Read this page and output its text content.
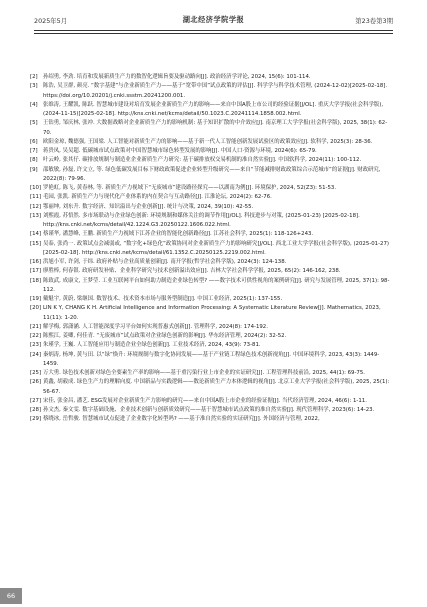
2025年5月	湖北经济学院学报	第23卷第3期
[2] 孙绍勇, 李劲. 培育和发展新质生产力的数智化逻辑旨要及驱动路向[J]. 政治经济学评论, 2024, 15(6): 101-114.
[3] 陈浩, 吴卫群, 颜亮. “数字基建”与企业新质生产力——基于“宽带中国”试点政策的评估[J]. 科学学与科学技术管理, (2024-12-02)[2025-02-18]. https://doi.org/10.20201/j.cnki.ssstm.20241200.001.
[4] 张维涛, 王耀凯, 陈跃. 智慧城市建设对培育发展企业新质生产力的影响——来自中国A股上市公司的经验证据[J/OL]. 重庆大学学报(社会科学版), (2024-11-15)[2025-02-18]. http://kns.cnki.net/kcms/detail/50.1023.C.20241114.1858.002.html.
[5] 王钻勇, 邹庆林, 张冲. 大数据战略对企业新质生产力的影响机制: 基于知识扩散的中介效应[J]. 南京理工大学学报(社会科学版), 2025, 38(1): 62-70.
[6] 欧阳金琼, 魏德强, 王国梁. 人工智能对新质生产力的影响——基于新一代人工智能创新发展试验区的政策效应[J]. 软科学, 2025(3): 28-36.
[7] 蒋贵凤, 吴吴超. 低碳城市试点政策对中国智慧城市绿色转型发展的影响[J]. 中国人口·资源与环境, 2024(6): 65-79.
[8] 叶云岭, 张其仔. 碳排放规制与制造业企业新质生产力研究: 基于碳排放权交易机制的准自然实验[J]. 中国软科学, 2024(11): 100-112.
[9] 邵敏敏, 孙磊, 许文立, 等. 绿色低碳发展目标下财政政策促进企业转型升级研究——来自“节能减排财政政策综合示范城市”的证据[J]. 财政研究, 2022(8): 79-96.
[10] 罗艳虹, 陈飞, 黄春林, 等. 新质生产力视域下“无废城市”建设路径探究——以湖南为例[J]. 环境保护, 2024, 52(Z3): 51-53.
[11] 毛园, 张凯. 新质生产力与现代化产业体系的内在契合与互动路径[J]. 江淮论坛, 2024(2): 62-76.
[12] 鄂丽坤, 刘东升. 数字经济、知识溢出与企业创新[J]. 统计与决策, 2024, 39(10): 42-55.
[13] 刘熙霞, 苏悟然. 多市场联动与企业绿色创新: 环境规制和媒体关注的调节作用[J/OL]. 科技进步与对策, (2025-01-23) [2025-02-18]. http://kns.cnki.net/kcms/detail/42.1224.G3.20250122.1606.022.html.
[14] 蔡谨华, 潘慧峰, 王鹏. 新质生产力视域下江苏企业的智能化创新路径[J]. 江苏社会科学, 2025(1): 118-126+243.
[15] 吴泰, 张尚一. 政策试点会减弱或, “数字化+绿色化”政策协同对企业新质生产力的影响研究[J/OL]. 西北工业大学学报(社会科学版), (2025-01-27)[2025-02-18]. http://kns.cnki.net/kcms/detail/61.1352.C.20250125.2219.002.html.
[16] 洪旭小军, 许剑, 于纬. 政府补贴与企业高质量创新[J]. 南开学报(哲学社会科学版), 2024(3): 124-138.
[17] 廖胜棒, 何春银. 政府研发补贴、企业科学研究与技术创新溢出效应[J]. 吉林大学社会科学学报, 2025, 65(2): 146-162, 238.
[18] 陈致武, 成康文, 王梦莹. 工业互联网平台如何助力制造企业绿色转型? ——数字技术可供性视角的案例研究[J]. 研究与发展管理, 2025, 37(1): 98-112.
[19] 戴魁宇, 黄蔚, 梁继国. 数智技术、技术资本市场与服务型制造[J]. 中国工业经济, 2025(1): 137-155.
[20] LIN K Y, CHANG K H. Artificial Intelligence and Information Processing: A Systematic Literature Review[J]. Mathematics, 2023, 11(11): 1-20.
[21] 解学梅, 郭潇涵. 人工智能深度学习平台如何实现普惠式创新[J]. 管理科学, 2024(8): 174-192.
[22] 陈熙江, 姜卿, 何佳青. “无废城市”试点政策对企业绿色创新的影响[J]. 华东经济管理, 2024(2): 32-52.
[23] 朱瑾学, 王巍. 人工智能应用与制造企业全绿色创新[J]. 工业技术经济, 2024, 43(9): 73-81.
[24] 秦炳涛, 杨坤, 黄与田. 以“绿”焕升: 环境规制与数字化协同发展——基于产业链工程绿色技术创新视角[J]. 中国环境科学, 2023, 43(3): 1449-1459.
[25] 万大勇. 绿色技术创新对绿色全要素生产率的影响——基于重污染行业上市企业的实证研究[J]. 工程管理科技前沿, 2025, 44(1): 69-75.
[26] 黄鑫, 胡毅成. 绿色生产力的理解向度. 中国新品与实践逻辑——数论新质生产力本体逻辑的视角[J]. 北京工业大学学报(社会科学版), 2025, 25(1): 56-67.
[27] 宋佳, 张金昌, 潘艺. ESG发展对企业新质生产力影响的研究——来自中国A股上市企业的经验证据[J]. 当代经济管理, 2024, 46(6): 1-11.
[28] 孙文杰, 秦文雯. 数字基础设施、企业技术创新与创新质效研究——基于智慧城市试点政策的准自然实验[J]. 现代管理科学, 2023(6): 14-23.
[29] 蔡晓冰, 岳哲骏. 智慧城市试点促进了企业数字化转型吗? ——基于准自然实验的实证研究[J]. 外国经济与管理, 2022,
66
